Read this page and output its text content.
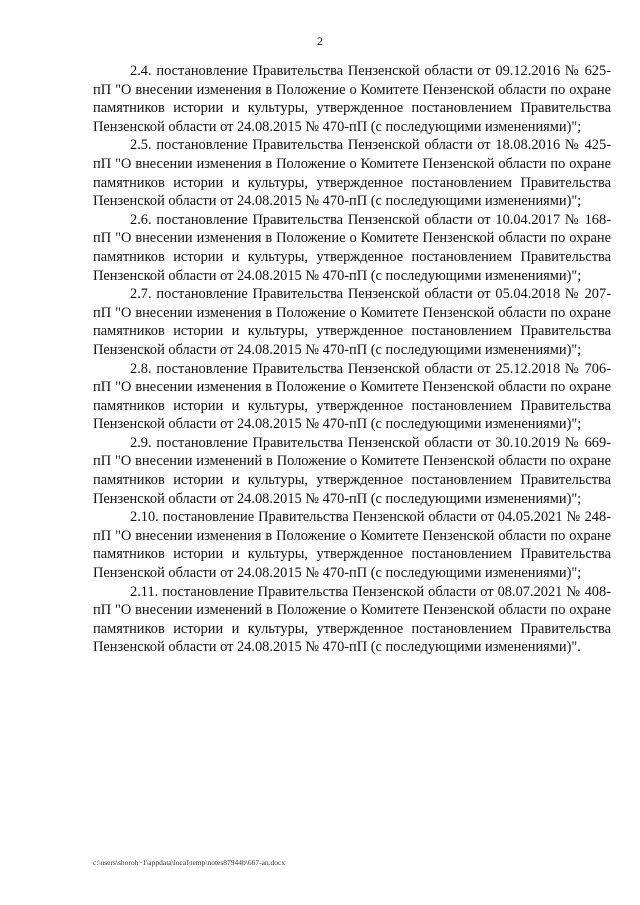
2

2.4. постановление Правительства Пензенской области от 09.12.2016 № 625-пП "О внесении изменения в Положение о Комитете Пензенской области по охране памятников истории и культуры, утвержденное постановлением Правительства Пензенской области от 24.08.2015 № 470-пП (с последующими изменениями)";

2.5. постановление Правительства Пензенской области от 18.08.2016 № 425-пП "О внесении изменения в Положение о Комитете Пензенской области по охране памятников истории и культуры, утвержденное постановлением Правительства Пензенской области от 24.08.2015 № 470-пП (с последующими изменениями)";

2.6. постановление Правительства Пензенской области от 10.04.2017 № 168-пП "О внесении изменения в Положение о Комитете Пензенской области по охране памятников истории и культуры, утвержденное постановлением Правительства Пензенской области от 24.08.2015 № 470-пП (с последующими изменениями)";

2.7. постановление Правительства Пензенской области от 05.04.2018 № 207-пП "О внесении изменения в Положение о Комитете Пензенской области по охране памятников истории и культуры, утвержденное постановлением Правительства Пензенской области от 24.08.2015 № 470-пП (с последующими изменениями)";

2.8. постановление Правительства Пензенской области от 25.12.2018 № 706-пП "О внесении изменения в Положение о Комитете Пензенской области по охране памятников истории и культуры, утвержденное постановлением Правительства Пензенской области от 24.08.2015 № 470-пП (с последующими изменениями)";

2.9. постановление Правительства Пензенской области от 30.10.2019 № 669-пП "О внесении изменений в Положение о Комитете Пензенской области по охране памятников истории и культуры, утвержденное постановлением Правительства Пензенской области от 24.08.2015 № 470-пП (с последующими изменениями)";

2.10. постановление Правительства Пензенской области от 04.05.2021 № 248-пП "О внесении изменения в Положение о Комитете Пензенской области по охране памятников истории и культуры, утвержденное постановлением Правительства Пензенской области от 24.08.2015 № 470-пП (с последующими изменениями)";

2.11. постановление Правительства Пензенской области от 08.07.2021 № 408-пП "О внесении изменений в Положение о Комитете Пензенской области по охране памятников истории и культуры, утвержденное постановлением Правительства Пензенской области от 24.08.2015 № 470-пП (с последующими изменениями)".

c:\users\shoroh~1\appdata\local\temp\notes87944b\667-an.docx
